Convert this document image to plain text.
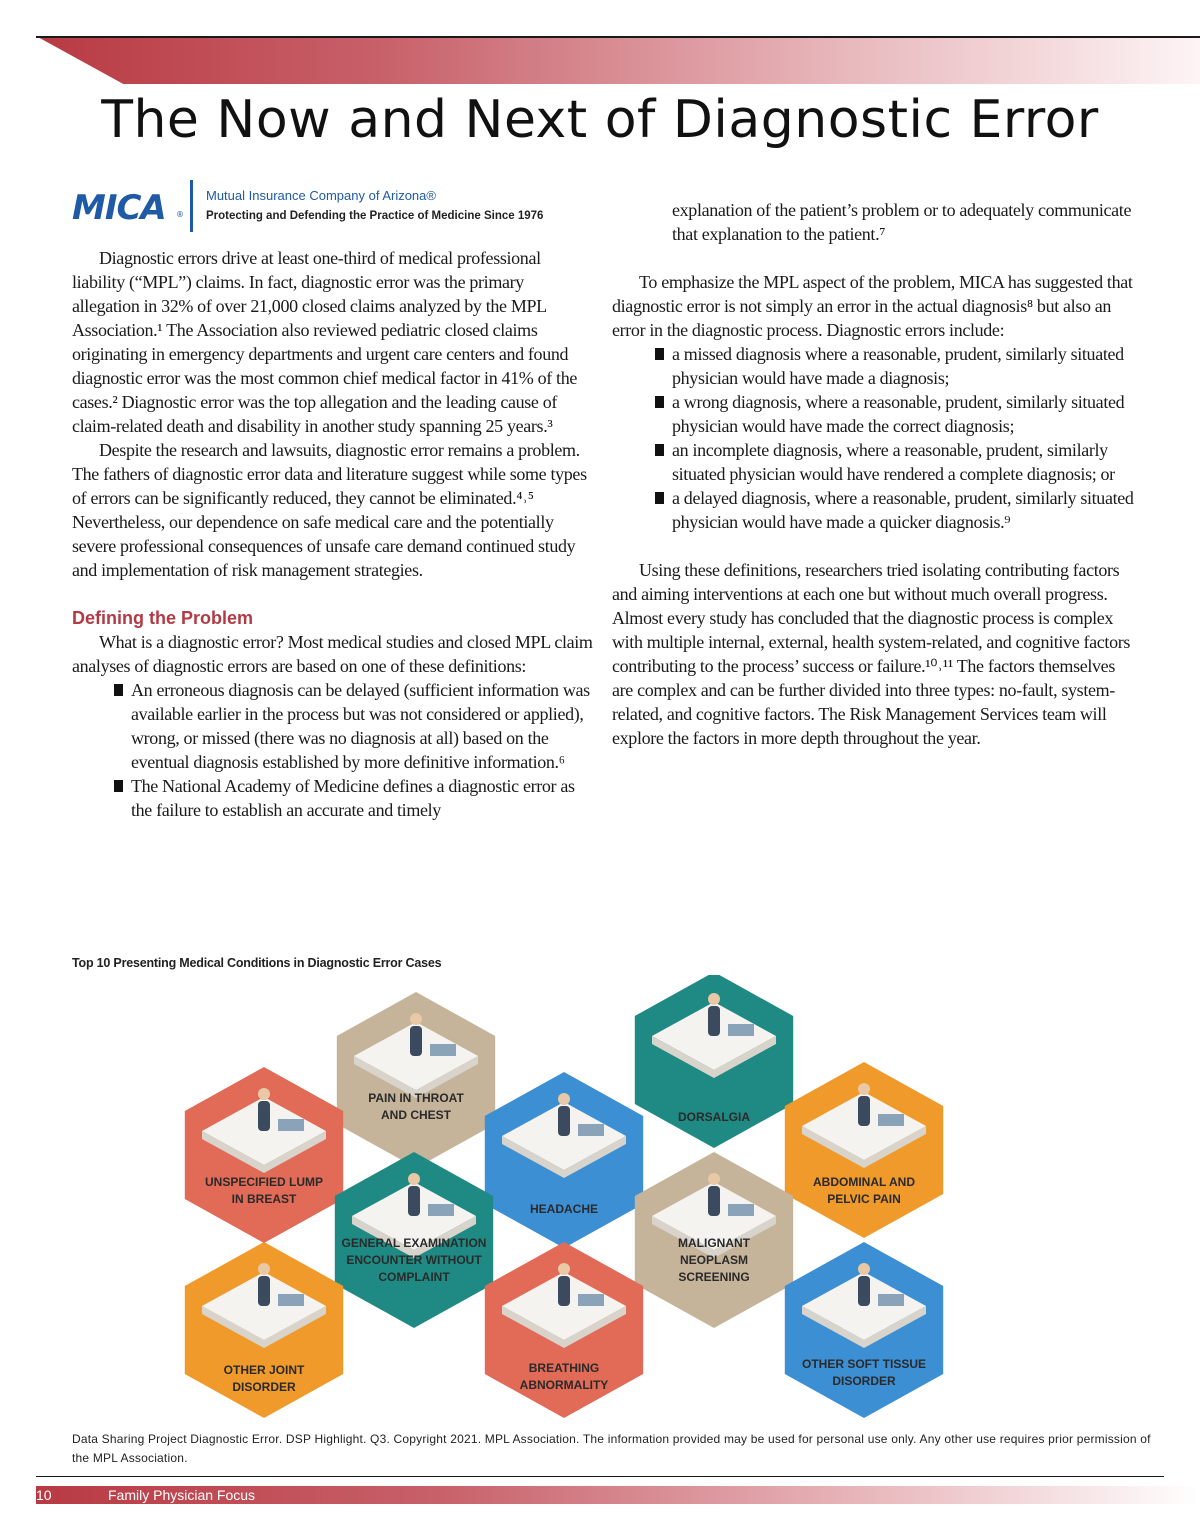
The Now and Next of Diagnostic Error
MICA ®
Mutual Insurance Company of Arizona®
Protecting and Defending the Practice of Medicine Since 1976

Diagnostic errors drive at least one-third of medical professional liability (“MPL”) claims. In fact, diagnostic error was the primary allegation in 32% of over 21,000 closed claims analyzed by the MPL Association.¹ The Association also reviewed pediatric closed claims originating in emergency departments and urgent care centers and found diagnostic error was the most common chief medical factor in 41% of the cases.² Diagnostic error was the top allegation and the leading cause of claim-related death and disability in another study spanning 25 years.³

Despite the research and lawsuits, diagnostic error remains a problem. The fathers of diagnostic error data and literature suggest while some types of errors can be significantly reduced, they cannot be eliminated.⁴˒⁵ Nevertheless, our dependence on safe medical care and the potentially severe professional consequences of unsafe care demand continued study and implementation of risk management strategies.

Defining the Problem

What is a diagnostic error? Most medical studies and closed MPL claim analyses of diagnostic errors are based on one of these definitions:

An erroneous diagnosis can be delayed (sufficient information was available earlier in the process but was not considered or applied), wrong, or missed (there was no diagnosis at all) based on the eventual diagnosis established by more definitive information.⁶
The National Academy of Medicine defines a diagnostic error as the failure to establish an accurate and timely

explanation of the patient’s problem or to adequately communicate that explanation to the patient.⁷

To emphasize the MPL aspect of the problem, MICA has suggested that diagnostic error is not simply an error in the actual diagnosis⁸ but also an error in the diagnostic process. Diagnostic errors include:

a missed diagnosis where a reasonable, prudent, similarly situated physician would have made a diagnosis;
a wrong diagnosis, where a reasonable, prudent, similarly situated physician would have made the correct diagnosis;
an incomplete diagnosis, where a reasonable, prudent, similarly situated physician would have rendered a complete diagnosis; or
a delayed diagnosis, where a reasonable, prudent, similarly situated physician would have made a quicker diagnosis.⁹

Using these definitions, researchers tried isolating contributing factors and aiming interventions at each one but without much overall progress. Almost every study has concluded that the diagnostic process is complex with multiple internal, external, health system-related, and cognitive factors contributing to the process’ success or failure.¹⁰˒¹¹ The factors themselves are complex and can be further divided into three types: no-fault, system- related, and cognitive factors. The Risk Management Services team will explore the factors in more depth throughout the year.

Top 10 Presenting Medical Conditions in Diagnostic Error Cases
PAIN IN THROAT
AND CHEST	DORSALGIA
UNSPECIFIED LUMP
IN BREAST
HEADACHE
ABDOMINAL AND
PELVIC PAIN
GENERAL EXAMINATION
ENCOUNTER WITHOUT
COMPLAINT
MALIGNANT
NEOPLASM
SCREENING
OTHER JOINT
DISORDER
BREATHING
ABNORMALITY
OTHER SOFT TISSUE
DISORDER
Data Sharing Project Diagnostic Error. DSP Highlight. Q3. Copyright 2021. MPL Association. The information provided may be used for personal use only. Any other use requires prior permission of the MPL Association.
10	Family Physician Focus
